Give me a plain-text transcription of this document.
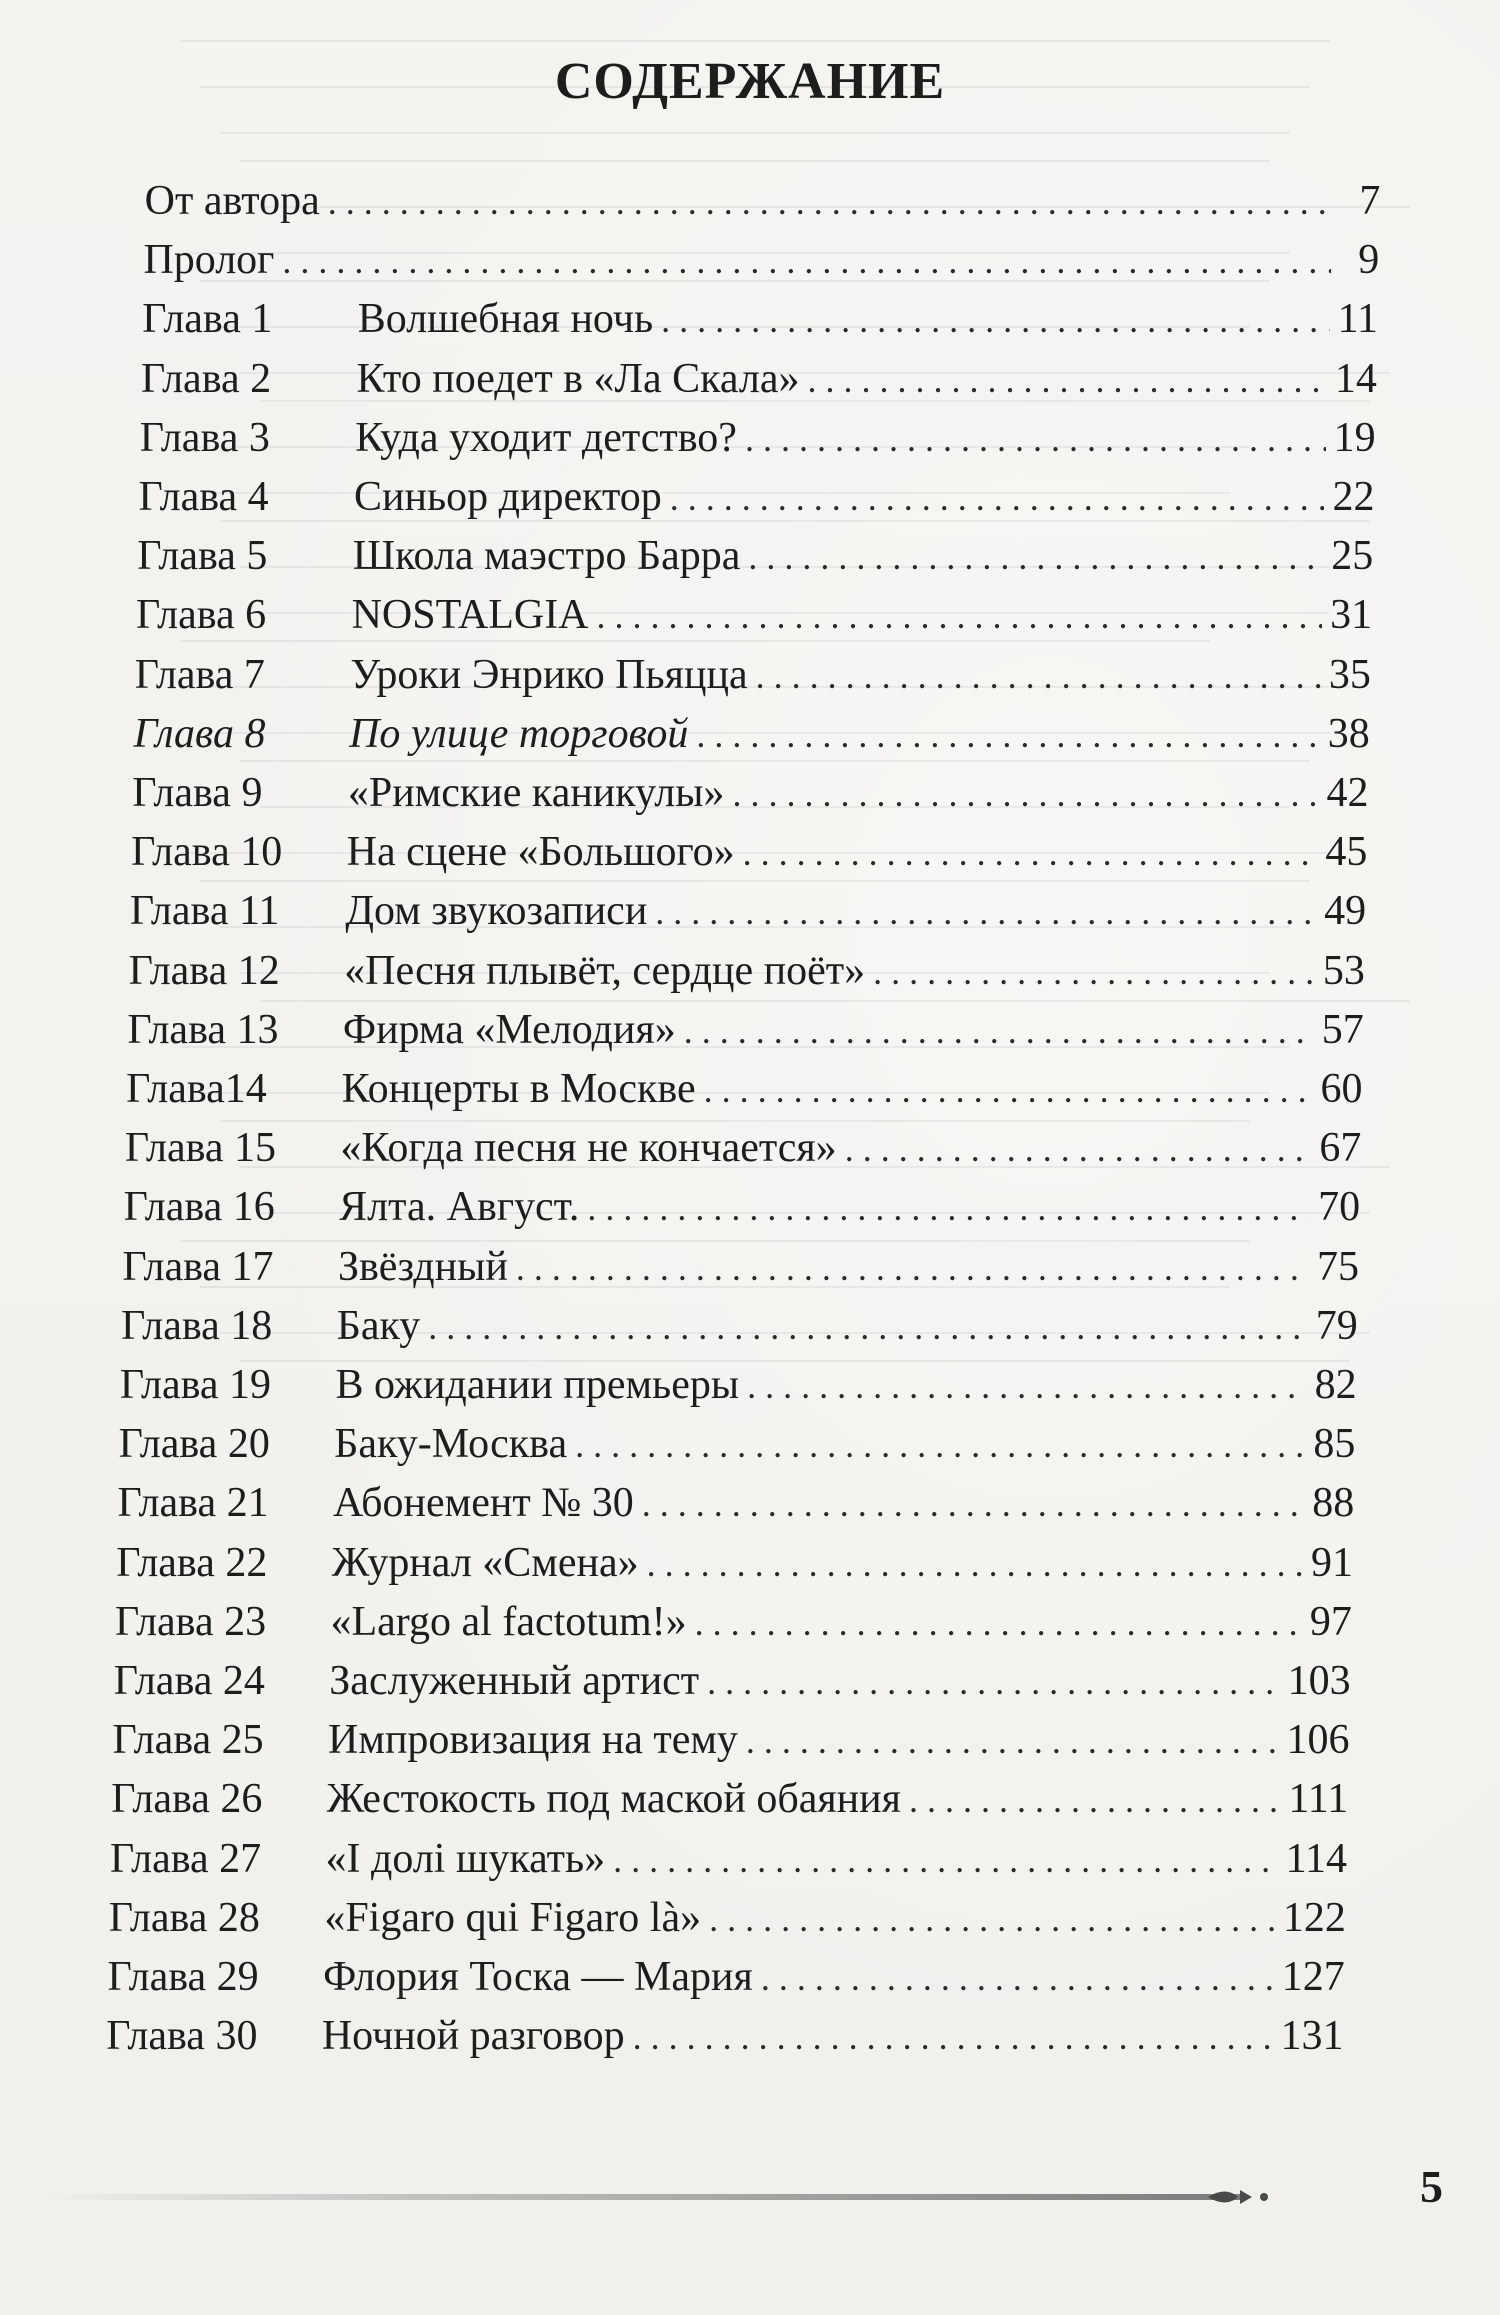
СОДЕРЖАНИЕ
От автора . . .	7
Пролог . . .	9
Глава 1	Волшебная ночь . . .	11
Глава 2	Кто поедет в «Ла Скала» . . .	14
Глава 3	Куда уходит детство? . . .	19
Глава 4	Синьор директор . . .	22
Глава 5	Школа маэстро Барра . . .	25
Глава 6	NOSTALGIA . . .	31
Глава 7	Уроки Энрико Пьяцца . . .	35
Глава 8	По улице торговой . . .	38
Глава 9	«Римские каникулы» . . .	42
Глава 10	На сцене «Большого» . . .	45
Глава 11	Дом звукозаписи . . .	49
Глава 12	«Песня плывёт, сердце поёт» . . .	53
Глава 13	Фирма «Мелодия» . . .	57
Глава14	Концерты в Москве . . .	60
Глава 15	«Когда песня не кончается» . . .	67
Глава 16	Ялта. Август. . . .	70
Глава 17	Звёздный . . .	75
Глава 18	Баку . . .	79
Глава 19	В ожидании премьеры . . .	82
Глава 20	Баку-Москва . . .	85
Глава 21	Абонемент № 30 . . .	88
Глава 22	Журнал «Смена» . . .	91
Глава 23	«Largo al factotum!» . . .	97
Глава 24	Заслуженный артист . . .	103
Глава 25	Импровизация на тему . . .	106
Глава 26	Жестокость под маской обаяния . . .	111
Глава 27	«І долі шукать» . . .	114
Глава 28	«Figaro qui Figaro là» . . .	122
Глава 29	Флория Тоска — Мария . . .	127
Глава 30	Ночной разговор . . .	131
5
